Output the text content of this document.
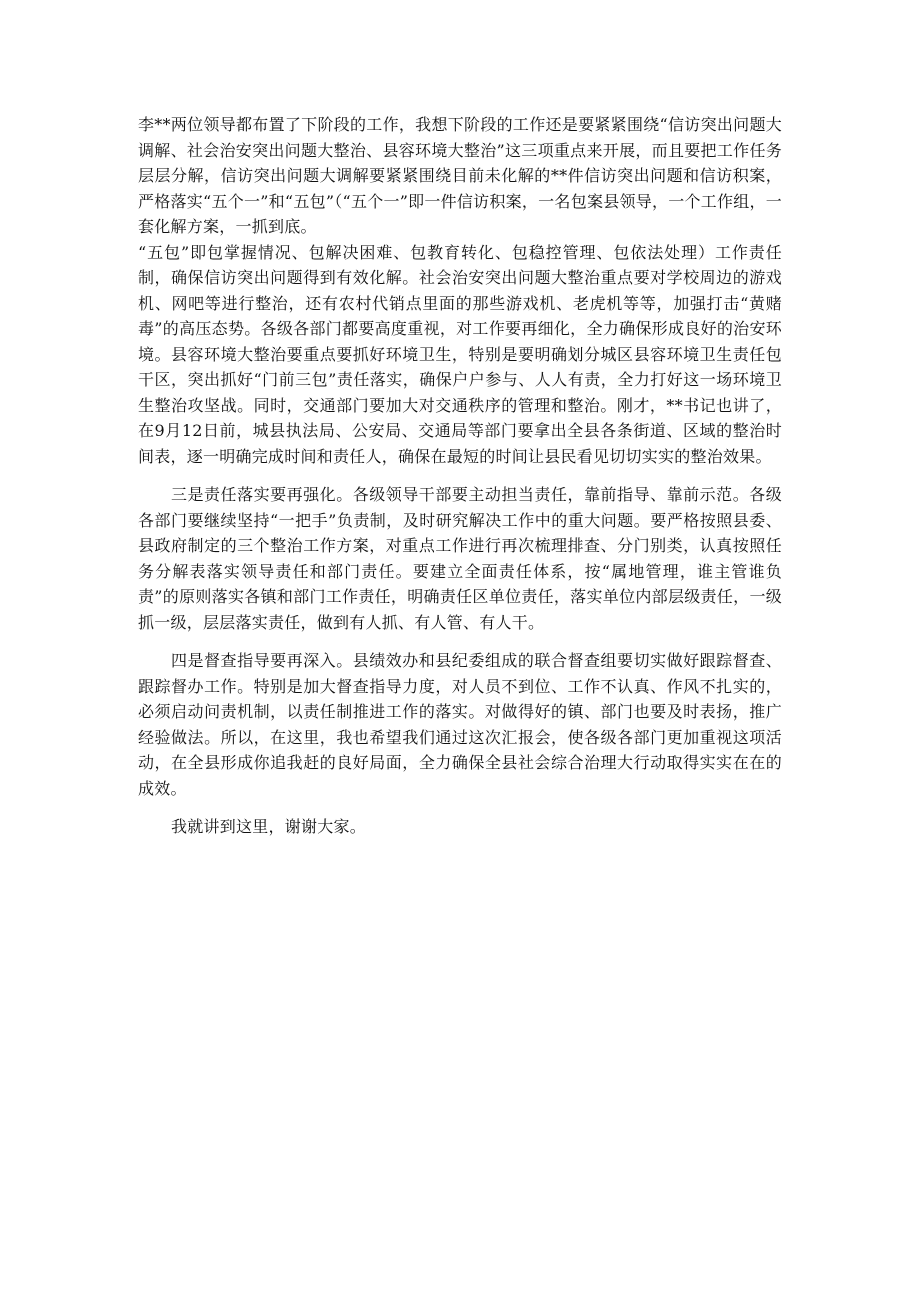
李**两位领导都布置了下阶段的工作，我想下阶段的工作还是要紧紧围绕“信访突出问题大调解、社会治安突出问题大整治、县容环境大整治”这三项重点来开展，而且要把工作任务层层分解，信访突出问题大调解要紧紧围绕目前未化解的**件信访突出问题和信访积案，严格落实“五个一”和“五包”（“五个一”即一件信访积案，一名包案县领导，一个工作组，一套化解方案，一抓到底。

“五包”即包掌握情况、包解决困难、包教育转化、包稳控管理、包依法处理）工作责任制，确保信访突出问题得到有效化解。社会治安突出问题大整治重点要对学校周边的游戏机、网吧等进行整治，还有农村代销点里面的那些游戏机、老虎机等等，加强打击“黄赌毒”的高压态势。各级各部门都要高度重视，对工作要再细化，全力确保形成良好的治安环境。县容环境大整治要重点要抓好环境卫生，特别是要明确划分城区县容环境卫生责任包干区，突出抓好“门前三包”责任落实，确保户户参与、人人有责，全力打好这一场环境卫生整治攻坚战。同时，交通部门要加大对交通秩序的管理和整治。刚才，**书记也讲了，在9月12日前，城县执法局、公安局、交通局等部门要拿出全县各条街道、区域的整治时间表，逐一明确完成时间和责任人，确保在最短的时间让县民看见切切实实的整治效果。

三是责任落实要再强化。各级领导干部要主动担当责任，靠前指导、靠前示范。各级各部门要继续坚持“一把手”负责制，及时研究解决工作中的重大问题。要严格按照县委、县政府制定的三个整治工作方案，对重点工作进行再次梳理排查、分门别类，认真按照任务分解表落实领导责任和部门责任。要建立全面责任体系，按“属地管理，谁主管谁负责”的原则落实各镇和部门工作责任，明确责任区单位责任，落实单位内部层级责任，一级抓一级，层层落实责任，做到有人抓、有人管、有人干。

四是督查指导要再深入。县绩效办和县纪委组成的联合督查组要切实做好跟踪督查、跟踪督办工作。特别是加大督查指导力度，对人员不到位、工作不认真、作风不扎实的，必须启动问责机制，以责任制推进工作的落实。对做得好的镇、部门也要及时表扬，推广经验做法。所以，在这里，我也希望我们通过这次汇报会，使各级各部门更加重视这项活动，在全县形成你追我赶的良好局面，全力确保全县社会综合治理大行动取得实实在在的成效。

我就讲到这里，谢谢大家。
